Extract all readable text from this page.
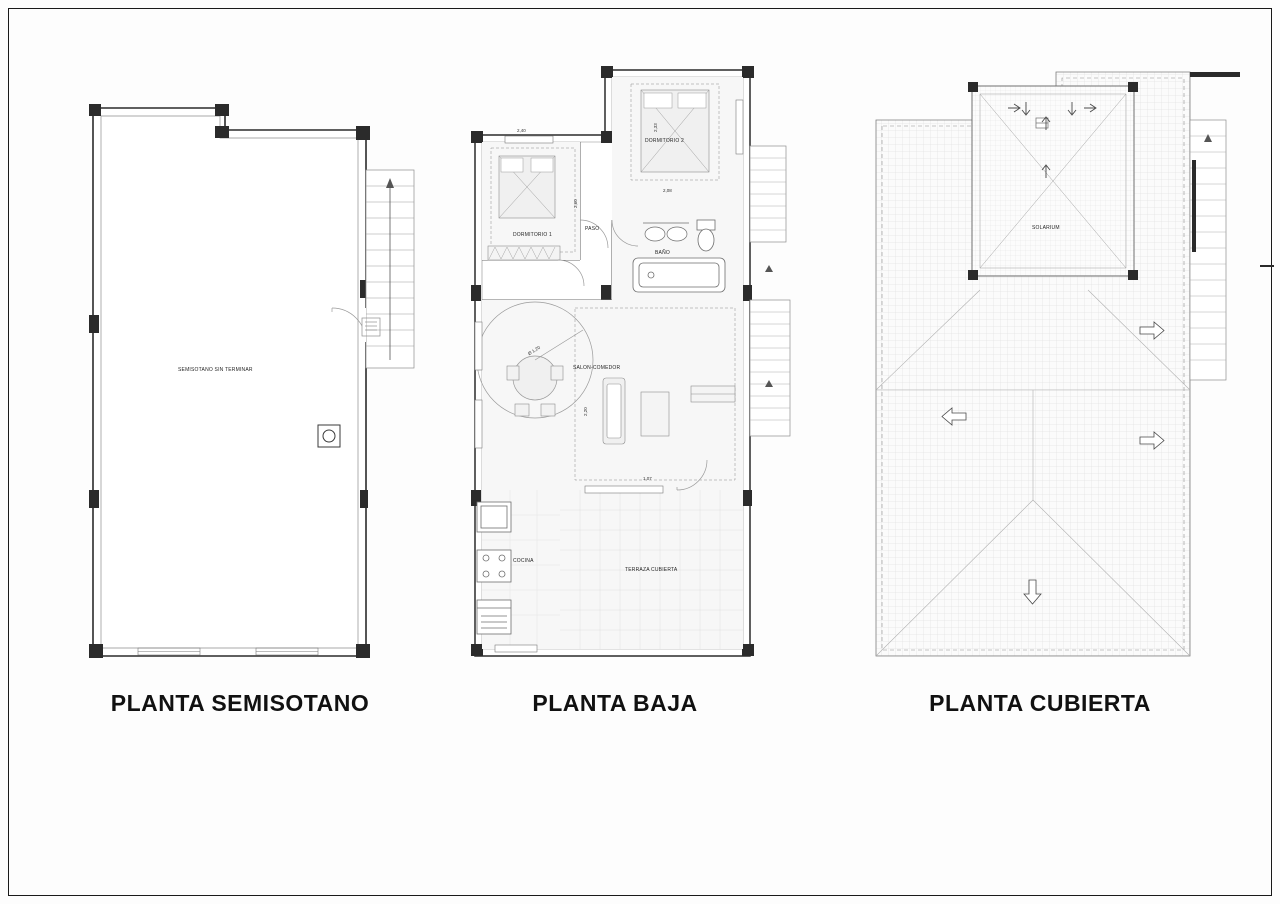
SEMISOTANO SIN TERMINAR
PLANTA SEMISOTANO
DORMITORIO 1
DORMITORIO 2
PASO
BAÑO
SALON-COMEDOR
COCINA
TERRAZA CUBIERTA
2,40
2,60
2,08
2,33
2,20
1,07
Ø 1,20
PLANTA BAJA
SOLARIUM
PLANTA CUBIERTA
